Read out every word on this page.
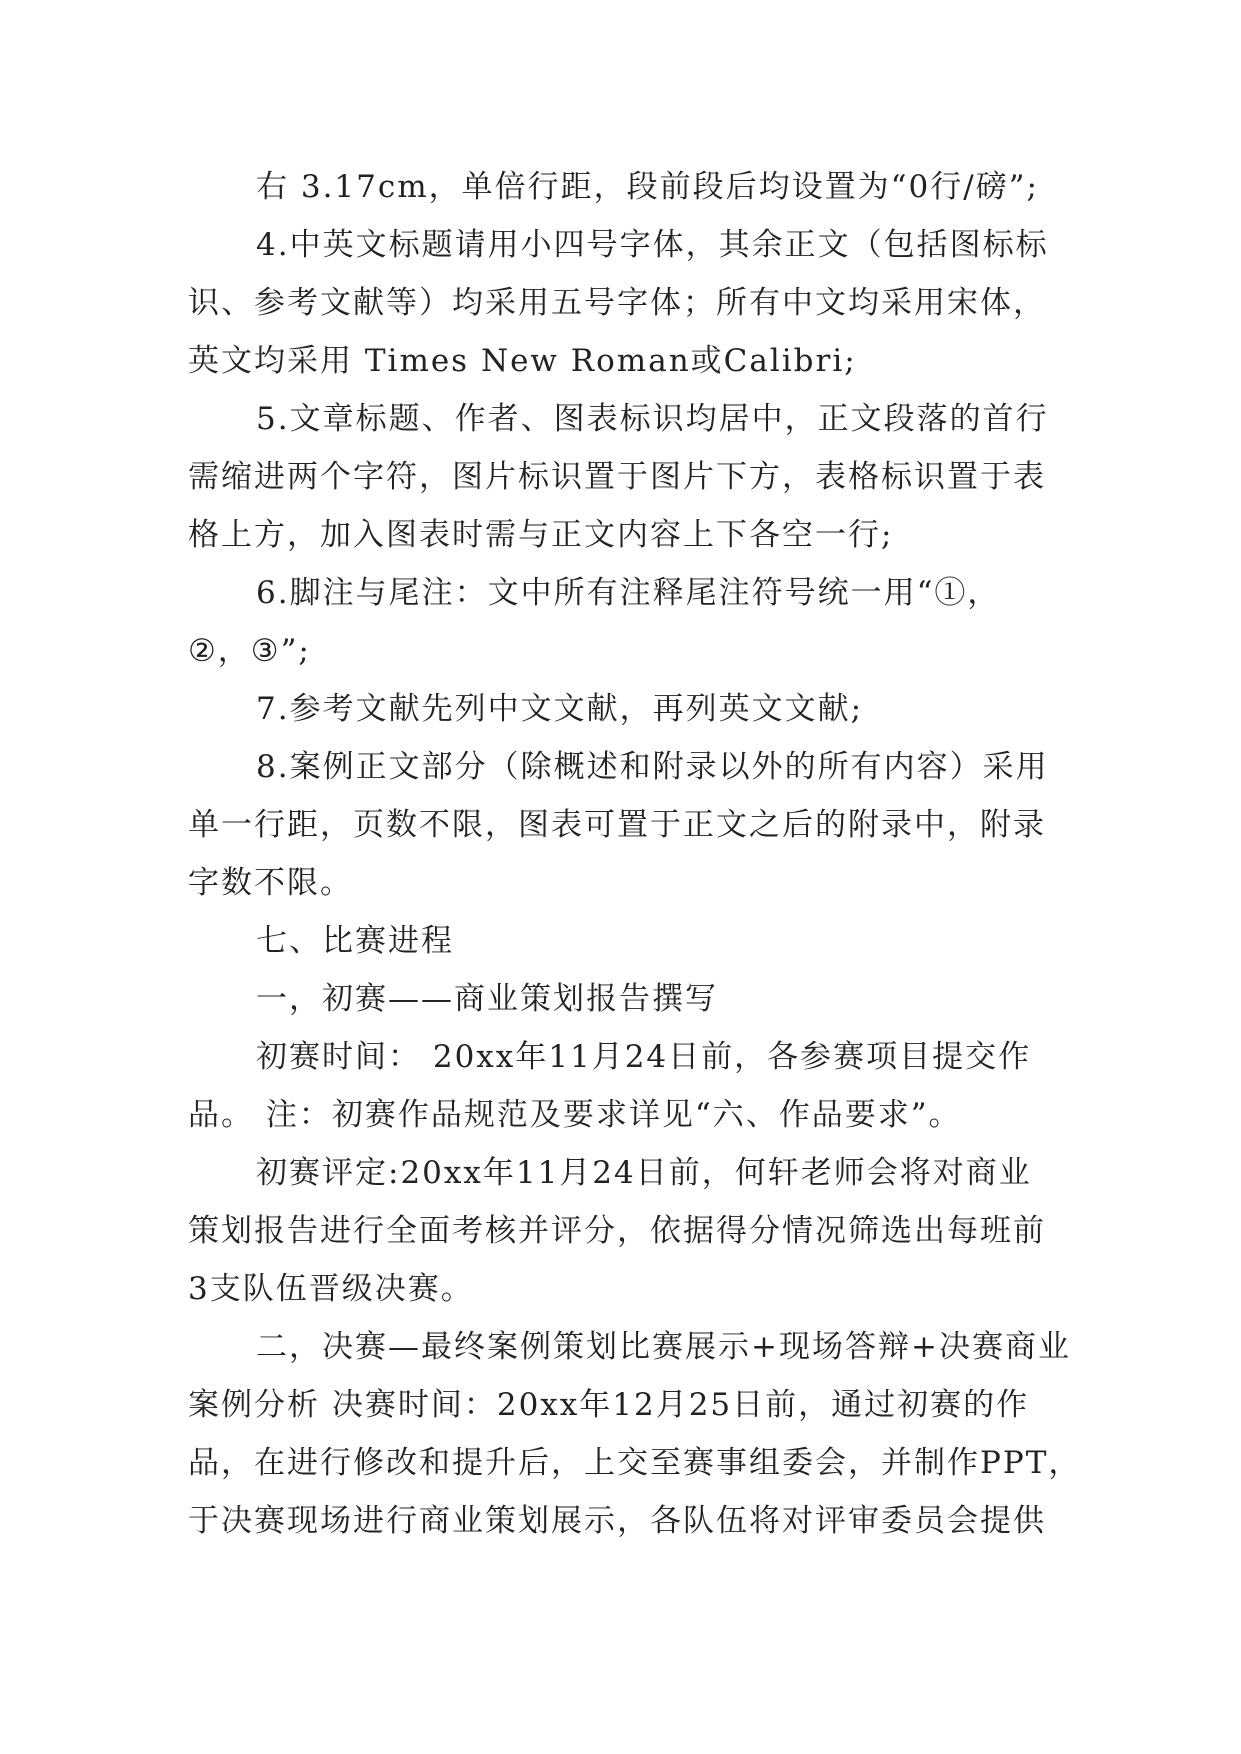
右 3.17cm，单倍行距，段前段后均设置为“0行/磅”;
4.中英文标题请用小四号字体，其余正文（包括图标标
识、参考文献等）均采用五号字体；所有中文均采用宋体，
英文均采用 Times New Roman或Calibri;
5.文章标题、作者、图表标识均居中，正文段落的首行
需缩进两个字符，图片标识置于图片下方，表格标识置于表
格上方，加入图表时需与正文内容上下各空一行;
6.脚注与尾注：文中所有注释尾注符号统一用“①，
②，③”;
7.参考文献先列中文文献，再列英文文献;
8.案例正文部分（除概述和附录以外的所有内容）采用
单一行距，页数不限，图表可置于正文之后的附录中，附录
字数不限。
七、比赛进程
一，初赛——商业策划报告撰写
初赛时间： 20xx年11月24日前，各参赛项目提交作
品。 注：初赛作品规范及要求详见“六、作品要求”。
初赛评定:20xx年11月24日前，何轩老师会将对商业
策划报告进行全面考核并评分，依据得分情况筛选出每班前
3支队伍晋级决赛。
二，决赛—最终案例策划比赛展示+现场答辩+决赛商业
案例分析 决赛时间：20xx年12月25日前，通过初赛的作
品，在进行修改和提升后，上交至赛事组委会，并制作PPT，
于决赛现场进行商业策划展示，各队伍将对评审委员会提供
